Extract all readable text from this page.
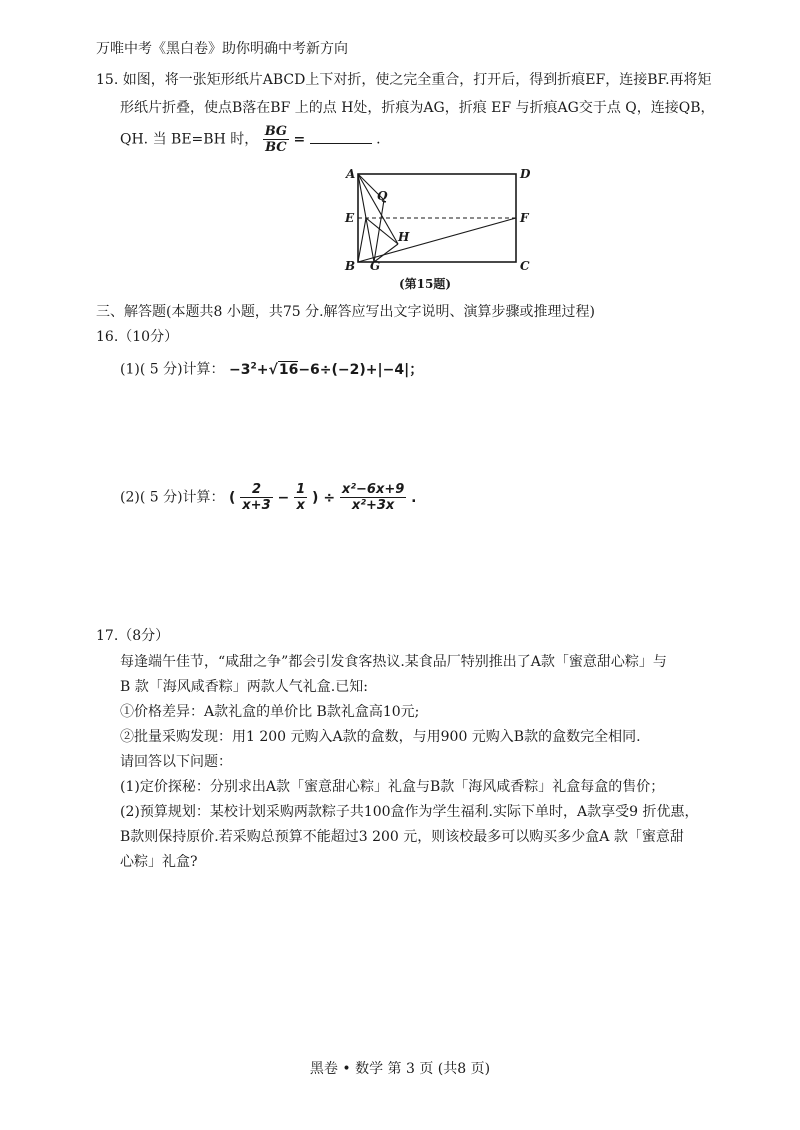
万唯中考《黑白卷》助你明确中考新方向
15. 如图，将一张矩形纸片ABCD上下对折，使之完全重合，打开后，得到折痕EF，连接BF.再将矩
形纸片折叠，使点B落在BF 上的点 H处，折痕为AG，折痕 EF 与折痕AG交于点 Q，连接QB，
QH. 当 BE=BH 时， $\frac{BG}{BC}$ =	.
A	D
Q
E	F
H
B G	C
(第15题)
三、解答题(本题共8 小题，共75 分.解答应写出文字说明、演算步骤或推理过程)
16.（10分）
(1)( 5 分)计算： $-3^2+√16-6\div(-2)+|-4|$；
(2)( 5 分)计算： ( $\frac{2}{x+3} - \frac{1}{x}$ ) ÷ $\frac{\text{x²−6x+9}}{\text{x²+3x}}$ .
17.（8分）
每逢端午佳节，“咸甜之争”都会引发食客热议.某食品厂特别推出了A款「蜜意甜心粽」与
B 款「海风咸香粽」两款人气礼盒.已知:
①价格差异：A款礼盒的单价比 B款礼盒高10元;
②批量采购发现：用1 200 元购入A款的盒数，与用900 元购入B款的盒数完全相同.
请回答以下问题：
(1)定价探秘：分别求出A款「蜜意甜心粽」礼盒与B款「海风咸香粽」礼盒每盒的售价；
(2)预算规划：某校计划采购两款粽子共100盒作为学生福利.实际下单时，A款享受9 折优惠，
B款则保持原价.若采购总预算不能超过3 200 元，则该校最多可以购买多少盒A 款「蜜意甜
心粽」礼盒?
黑卷 • 数学 第 3 页 (共8 页)
